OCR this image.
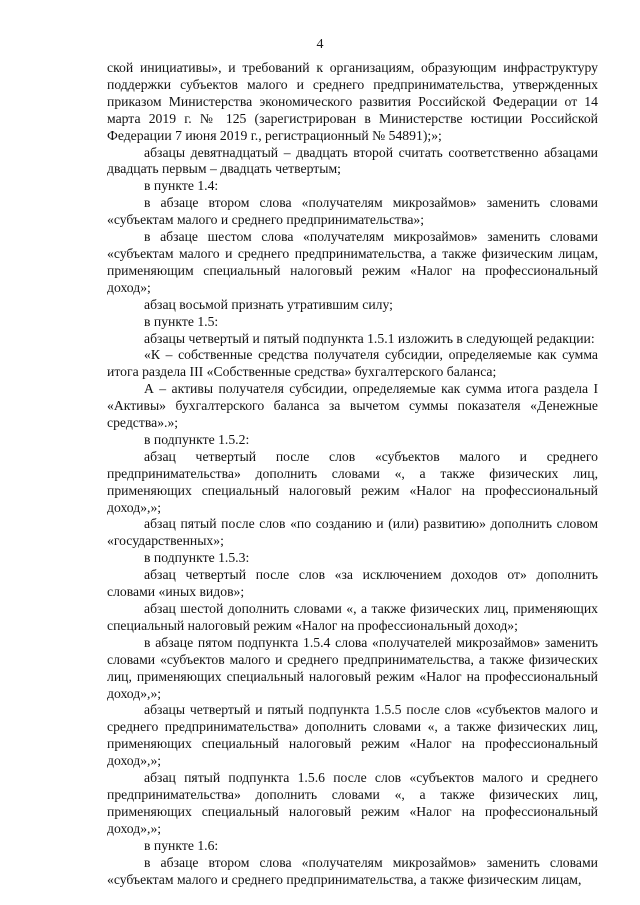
4

ской инициативы», и требований к организациям, образующим инфраструктуру поддержки субъектов малого и среднего предпринимательства, утвержденных приказом Министерства экономического развития Российской Федерации от 14 марта 2019 г. № 125 (зарегистрирован в Министерстве юстиции Российской Федерации 7 июня 2019 г., регистрационный № 54891);»;

абзацы девятнадцатый – двадцать второй считать соответственно абзацами двадцать первым – двадцать четвертым;

в пункте 1.4:

в абзаце втором слова «получателям микрозаймов» заменить словами «субъектам малого и среднего предпринимательства»;

в абзаце шестом слова «получателям микрозаймов» заменить словами «субъектам малого и среднего предпринимательства, а также физическим лицам, применяющим специальный налоговый режим «Налог на профессиональный доход»;

абзац восьмой признать утратившим силу;

в пункте 1.5:

абзацы четвертый и пятый подпункта 1.5.1 изложить в следующей редакции:

«К – собственные средства получателя субсидии, определяемые как сумма итога раздела III «Собственные средства» бухгалтерского баланса;

А – активы получателя субсидии, определяемые как сумма итога раздела I «Активы» бухгалтерского баланса за вычетом суммы показателя «Денежные средства».»;

в подпункте 1.5.2:

абзац четвертый после слов «субъектов малого и среднего предпринимательства» дополнить словами «, а также физических лиц, применяющих специальный налоговый режим «Налог на профессиональный доход»,»;

абзац пятый после слов «по созданию и (или) развитию» дополнить словом «государственных»;

в подпункте 1.5.3:

абзац четвертый после слов «за исключением доходов от» дополнить словами «иных видов»;

абзац шестой дополнить словами «, а также физических лиц, применяющих специальный налоговый режим «Налог на профессиональный доход»;

в абзаце пятом подпункта 1.5.4 слова «получателей микрозаймов» заменить словами «субъектов малого и среднего предпринимательства, а также физических лиц, применяющих специальный налоговый режим «Налог на профессиональный доход»,»;

абзацы четвертый и пятый подпункта 1.5.5 после слов «субъектов малого и среднего предпринимательства» дополнить словами «, а также физических лиц, применяющих специальный налоговый режим «Налог на профессиональный доход»,»;

абзац пятый подпункта 1.5.6 после слов «субъектов малого и среднего предпринимательства» дополнить словами «, а также физических лиц, применяющих специальный налоговый режим «Налог на профессиональный доход»,»;

в пункте 1.6:

в абзаце втором слова «получателям микрозаймов» заменить словами «субъектам малого и среднего предпринимательства, а также физическим лицам,
